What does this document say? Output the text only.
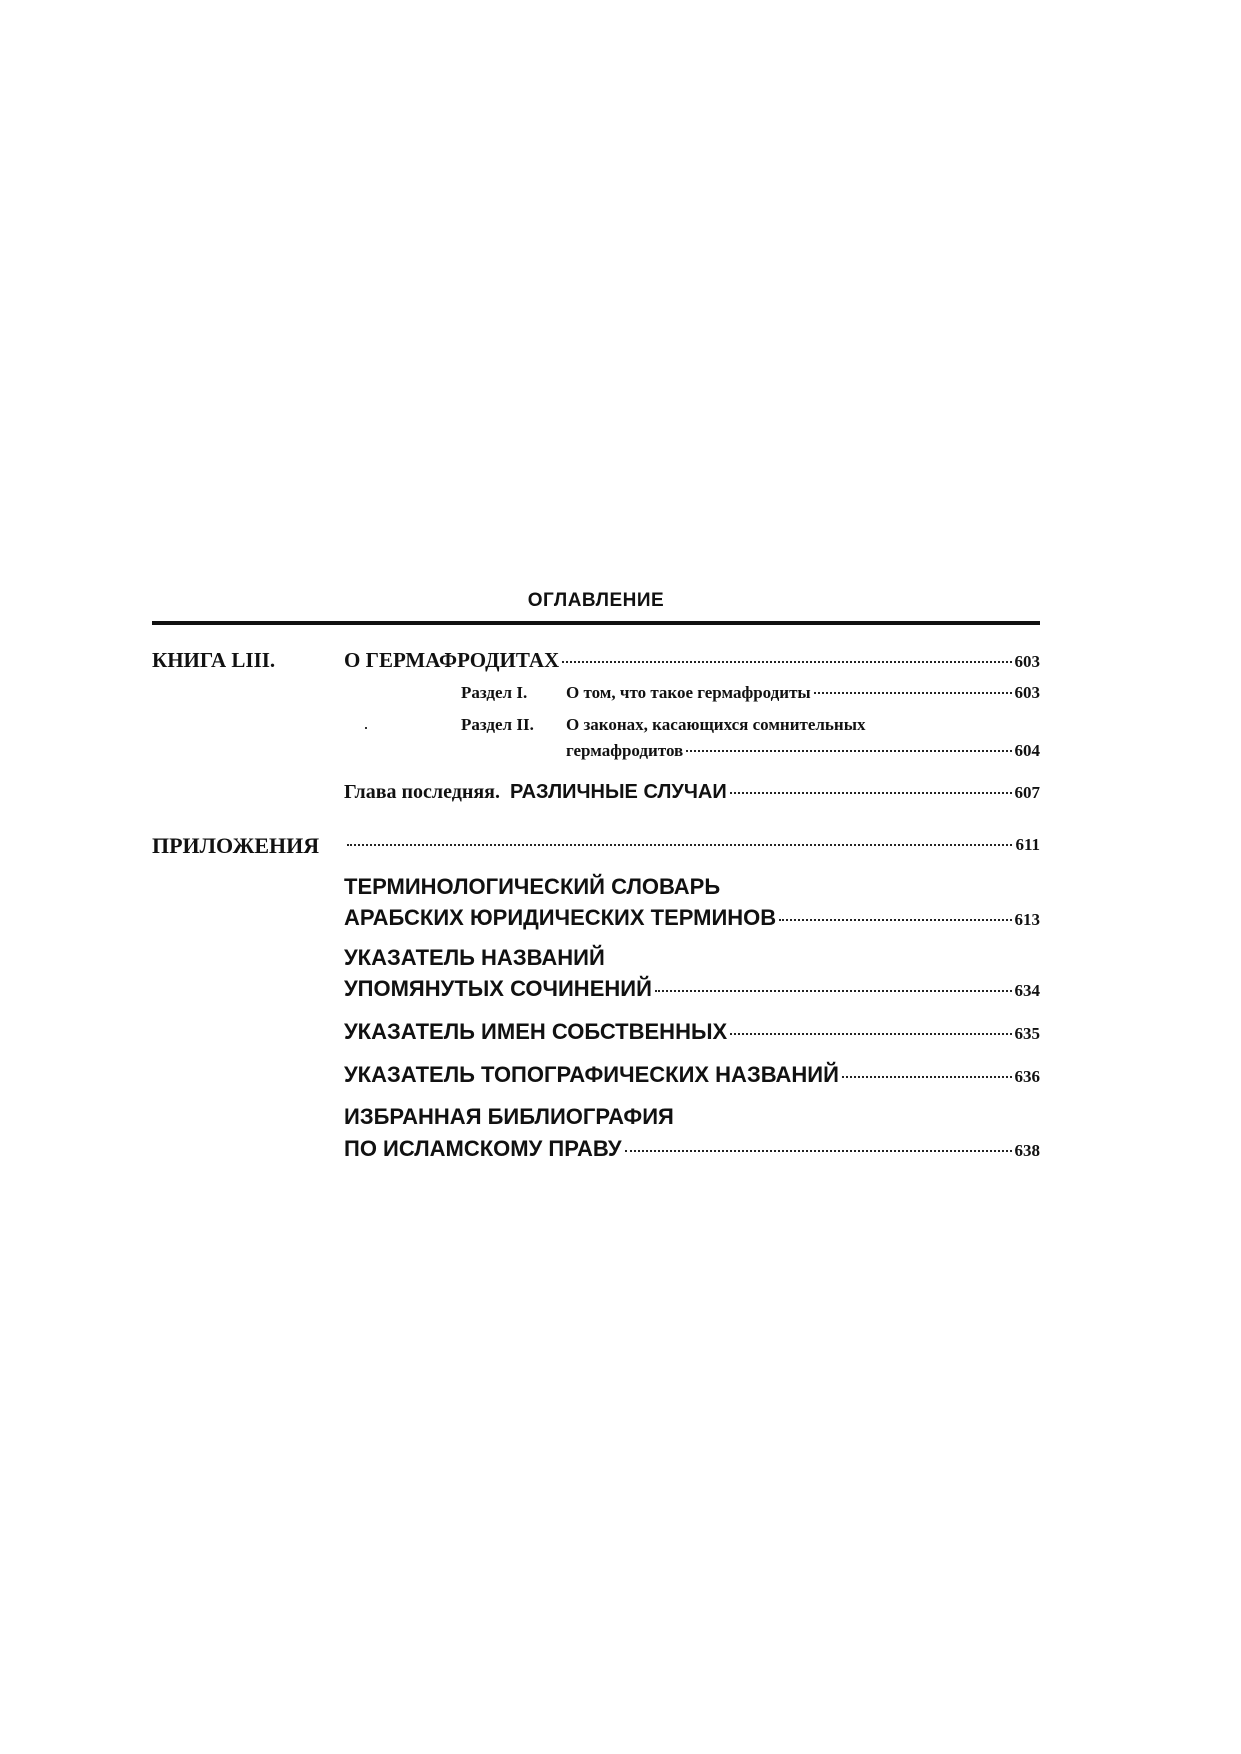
ОГЛАВЛЕНИЕ
КНИГА LIII.	О ГЕРМАФРОДИТАХ	603
Раздел I. О том, что такое гермафродиты	603
Раздел II. О законах, касающихся сомнительных
гермафродитов	604
Глава последняя. РАЗЛИЧНЫЕ СЛУЧАИ	607
ПРИЛОЖЕНИЯ	611
ТЕРМИНОЛОГИЧЕСКИЙ СЛОВАРЬ
АРАБСКИХ ЮРИДИЧЕСКИХ ТЕРМИНОВ	613
УКАЗАТЕЛЬ НАЗВАНИЙ
УПОМЯНУТЫХ СОЧИНЕНИЙ	634
УКАЗАТЕЛЬ ИМЕН СОБСТВЕННЫХ	635
УКАЗАТЕЛЬ ТОПОГРАФИЧЕСКИХ НАЗВАНИЙ	636
ИЗБРАННАЯ БИБЛИОГРАФИЯ
ПО ИСЛАМСКОМУ ПРАВУ	638
